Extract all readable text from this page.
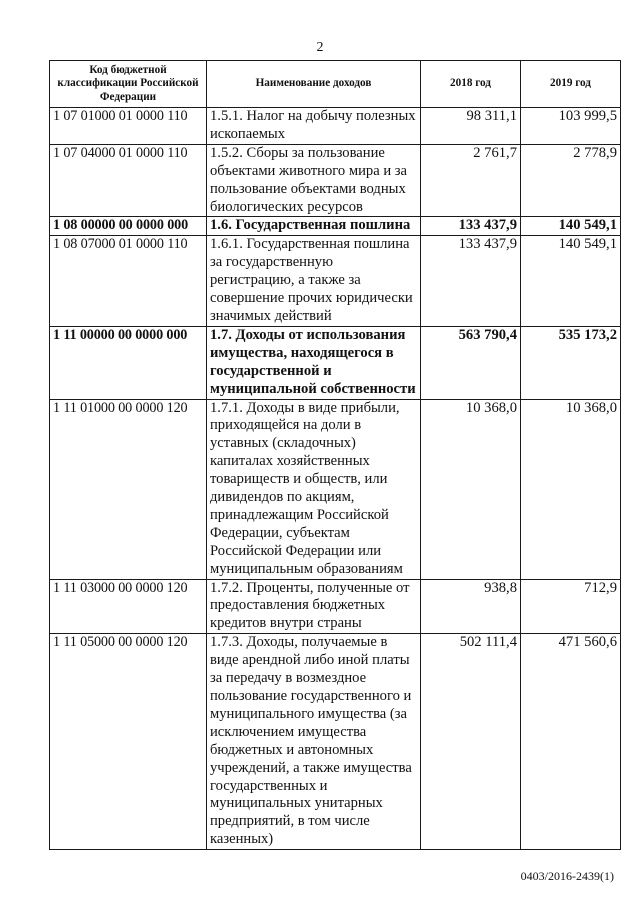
2
Код бюджетной классификации Российской Федерации	Наименование доходов	2018 год	2019 год
1 07 01000 01 0000 110	1.5.1. Налог на добычу полезных ископаемых	98 311,1	103 999,5
1 07 04000 01 0000 110	1.5.2. Сборы за пользование объектами животного мира и за пользование объектами водных биологических ресурсов	2 761,7	2 778,9
1 08 00000 00 0000 000	1.6. Государственная пошлина	133 437,9	140 549,1
1 08 07000 01 0000 110	1.6.1. Государственная пошлина за государственную регистрацию, а также за совершение прочих юридически значимых действий	133 437,9	140 549,1
1 11 00000 00 0000 000	1.7. Доходы от использования имущества, находящегося в государственной и муниципальной собственности	563 790,4	535 173,2
1 11 01000 00 0000 120	1.7.1. Доходы в виде прибыли, приходящейся на доли в уставных (складочных) капиталах хозяйственных товариществ и обществ, или дивидендов по акциям, принадлежащим Российской Федерации, субъектам Российской Федерации или муниципальным образованиям	10 368,0	10 368,0
1 11 03000 00 0000 120	1.7.2. Проценты, полученные от предоставления бюджетных кредитов внутри страны	938,8	712,9
1 11 05000 00 0000 120	1.7.3. Доходы, получаемые в виде арендной либо иной платы за передачу в возмездное пользование государственного и муниципального имущества (за исключением имущества бюджетных и автономных учреждений, а также имущества государственных и муниципальных унитарных предприятий, в том числе казенных)	502 111,4	471 560,6
0403/2016-2439(1)
